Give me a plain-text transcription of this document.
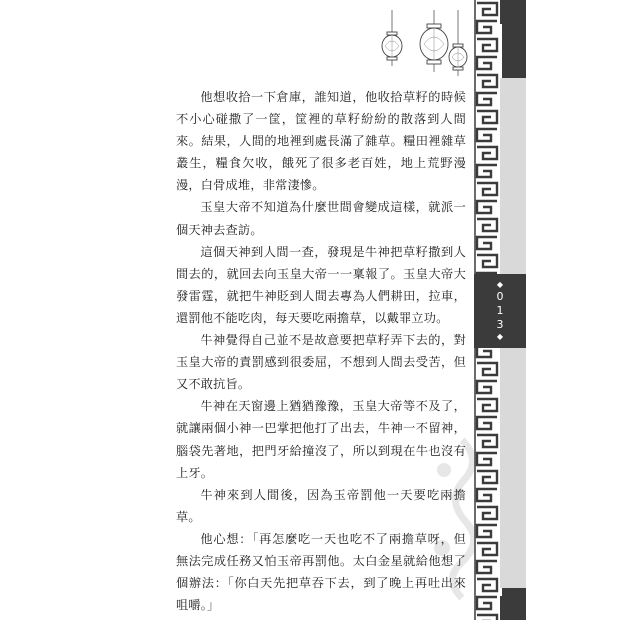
他想收拾一下倉庫，誰知道，他收拾草籽的時候不小心碰撒了一筐，筐裡的草籽紛紛的散落到人間來。結果，人間的地裡到處長滿了雜草。糧田裡雜草叢生，糧食欠收，餓死了很多老百姓，地上荒野漫漫，白骨成堆，非常淒慘。

玉皇大帝不知道為什麼世間會變成這樣，就派一個天神去查訪。

這個天神到人間一查，發現是牛神把草籽撒到人間去的，就回去向玉皇大帝一一稟報了。玉皇大帝大發雷霆，就把牛神貶到人間去專為人們耕田，拉車，還罰他不能吃肉，每天要吃兩擔草，以戴罪立功。

牛神覺得自己並不是故意要把草籽弄下去的，對玉皇大帝的責罰感到很委屈，不想到人間去受苦，但又不敢抗旨。

牛神在天窗邊上猶猶豫豫，玉皇大帝等不及了，就讓兩個小神一巴掌把他打了出去，牛神一不留神，腦袋先著地，把門牙給撞沒了，所以到現在牛也沒有上牙。

牛神來到人間後，因為玉帝罰他一天要吃兩擔草。

他心想：「再怎麼吃一天也吃不了兩擔草呀，但無法完成任務又怕玉帝再罰他。太白金星就給他想了個辦法：「你白天先把草吞下去，到了晚上再吐出來咀嚼。」

◆
013
◆
